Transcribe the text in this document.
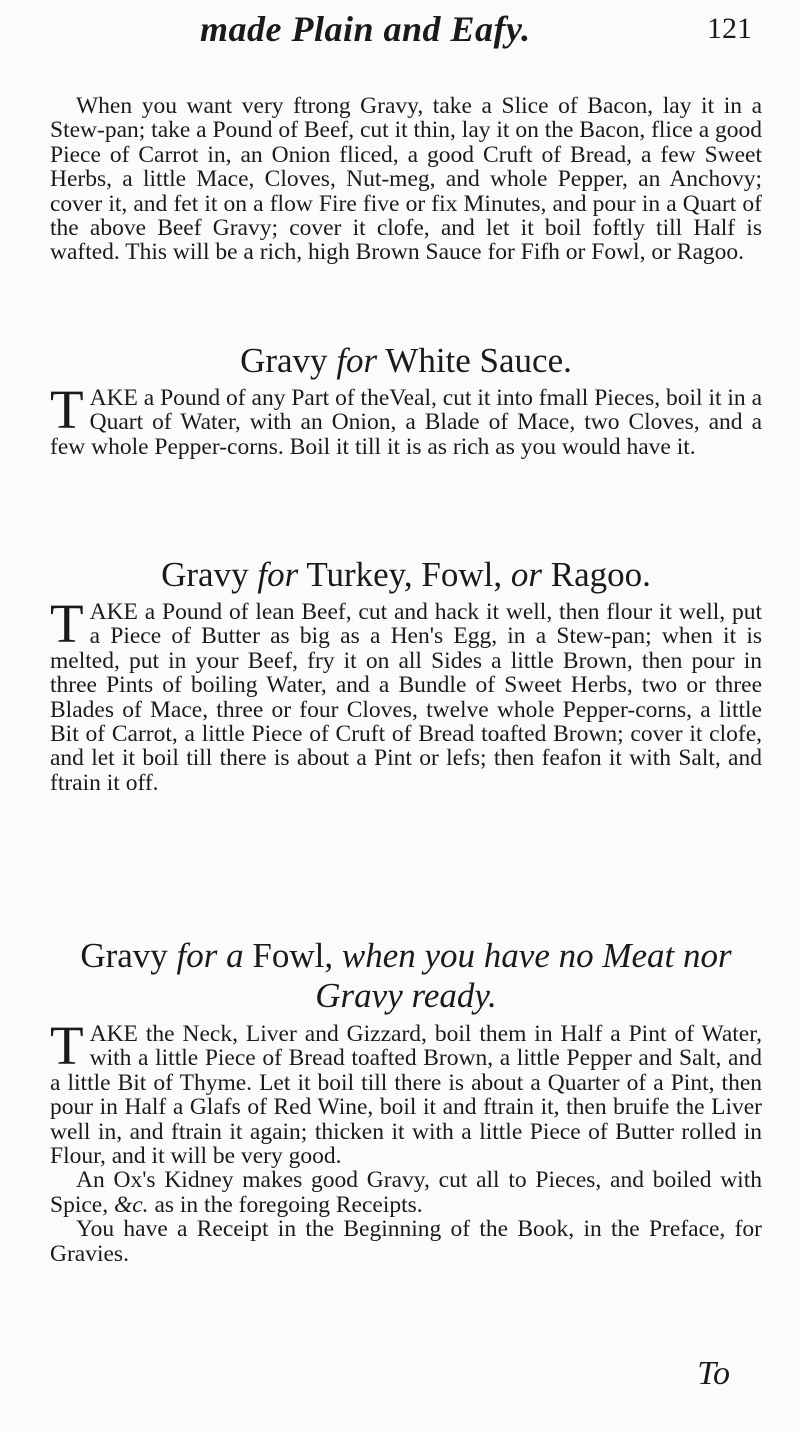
made Plain and Eafy.	121

When you want very ftrong Gravy, take a Slice of Bacon, lay it in a Stew-pan; take a Pound of Beef, cut it thin, lay it on the Bacon, flice a good Piece of Carrot in, an Onion fliced, a good Cruft of Bread, a few Sweet Herbs, a little Mace, Cloves, Nut-meg, and whole Pepper, an Anchovy; cover it, and fet it on a flow Fire five or fix Minutes, and pour in a Quart of the above Beef Gravy; cover it clofe, and let it boil foftly till Half is wafted. This will be a rich, high Brown Sauce for Fifh or Fowl, or Ragoo.

Gravy for White Sauce.
T AKE a Pound of any Part of theVeal, cut it into fmall Pieces, boil it in a Quart of Water, with an Onion, a Blade of Mace, two Cloves, and a few whole Pepper-corns. Boil it till it is as rich as you would have it.

Gravy for Turkey, Fowl, or Ragoo.
T AKE a Pound of lean Beef, cut and hack it well, then flour it well, put a Piece of Butter as big as a Hen's Egg, in a Stew-pan; when it is melted, put in your Beef, fry it on all Sides a little Brown, then pour in three Pints of boiling Water, and a Bundle of Sweet Herbs, two or three Blades of Mace, three or four Cloves, twelve whole Pepper-corns, a little Bit of Carrot, a little Piece of Cruft of Bread toafted Brown; cover it clofe, and let it boil till there is about a Pint or lefs; then feafon it with Salt, and ftrain it off.

Gravy for a Fowl, when you have no Meat nor Gravy ready.
T AKE the Neck, Liver and Gizzard, boil them in Half a Pint of Water, with a little Piece of Bread toafted Brown, a little Pepper and Salt, and a little Bit of Thyme. Let it boil till there is about a Quarter of a Pint, then pour in Half a Glafs of Red Wine, boil it and ftrain it, then bruife the Liver well in, and ftrain it again; thicken it with a little Piece of Butter rolled in Flour, and it will be very good.

An Ox's Kidney makes good Gravy, cut all to Pieces, and boiled with Spice, &c. as in the foregoing Receipts.

You have a Receipt in the Beginning of the Book, in the Preface, for Gravies.

To
